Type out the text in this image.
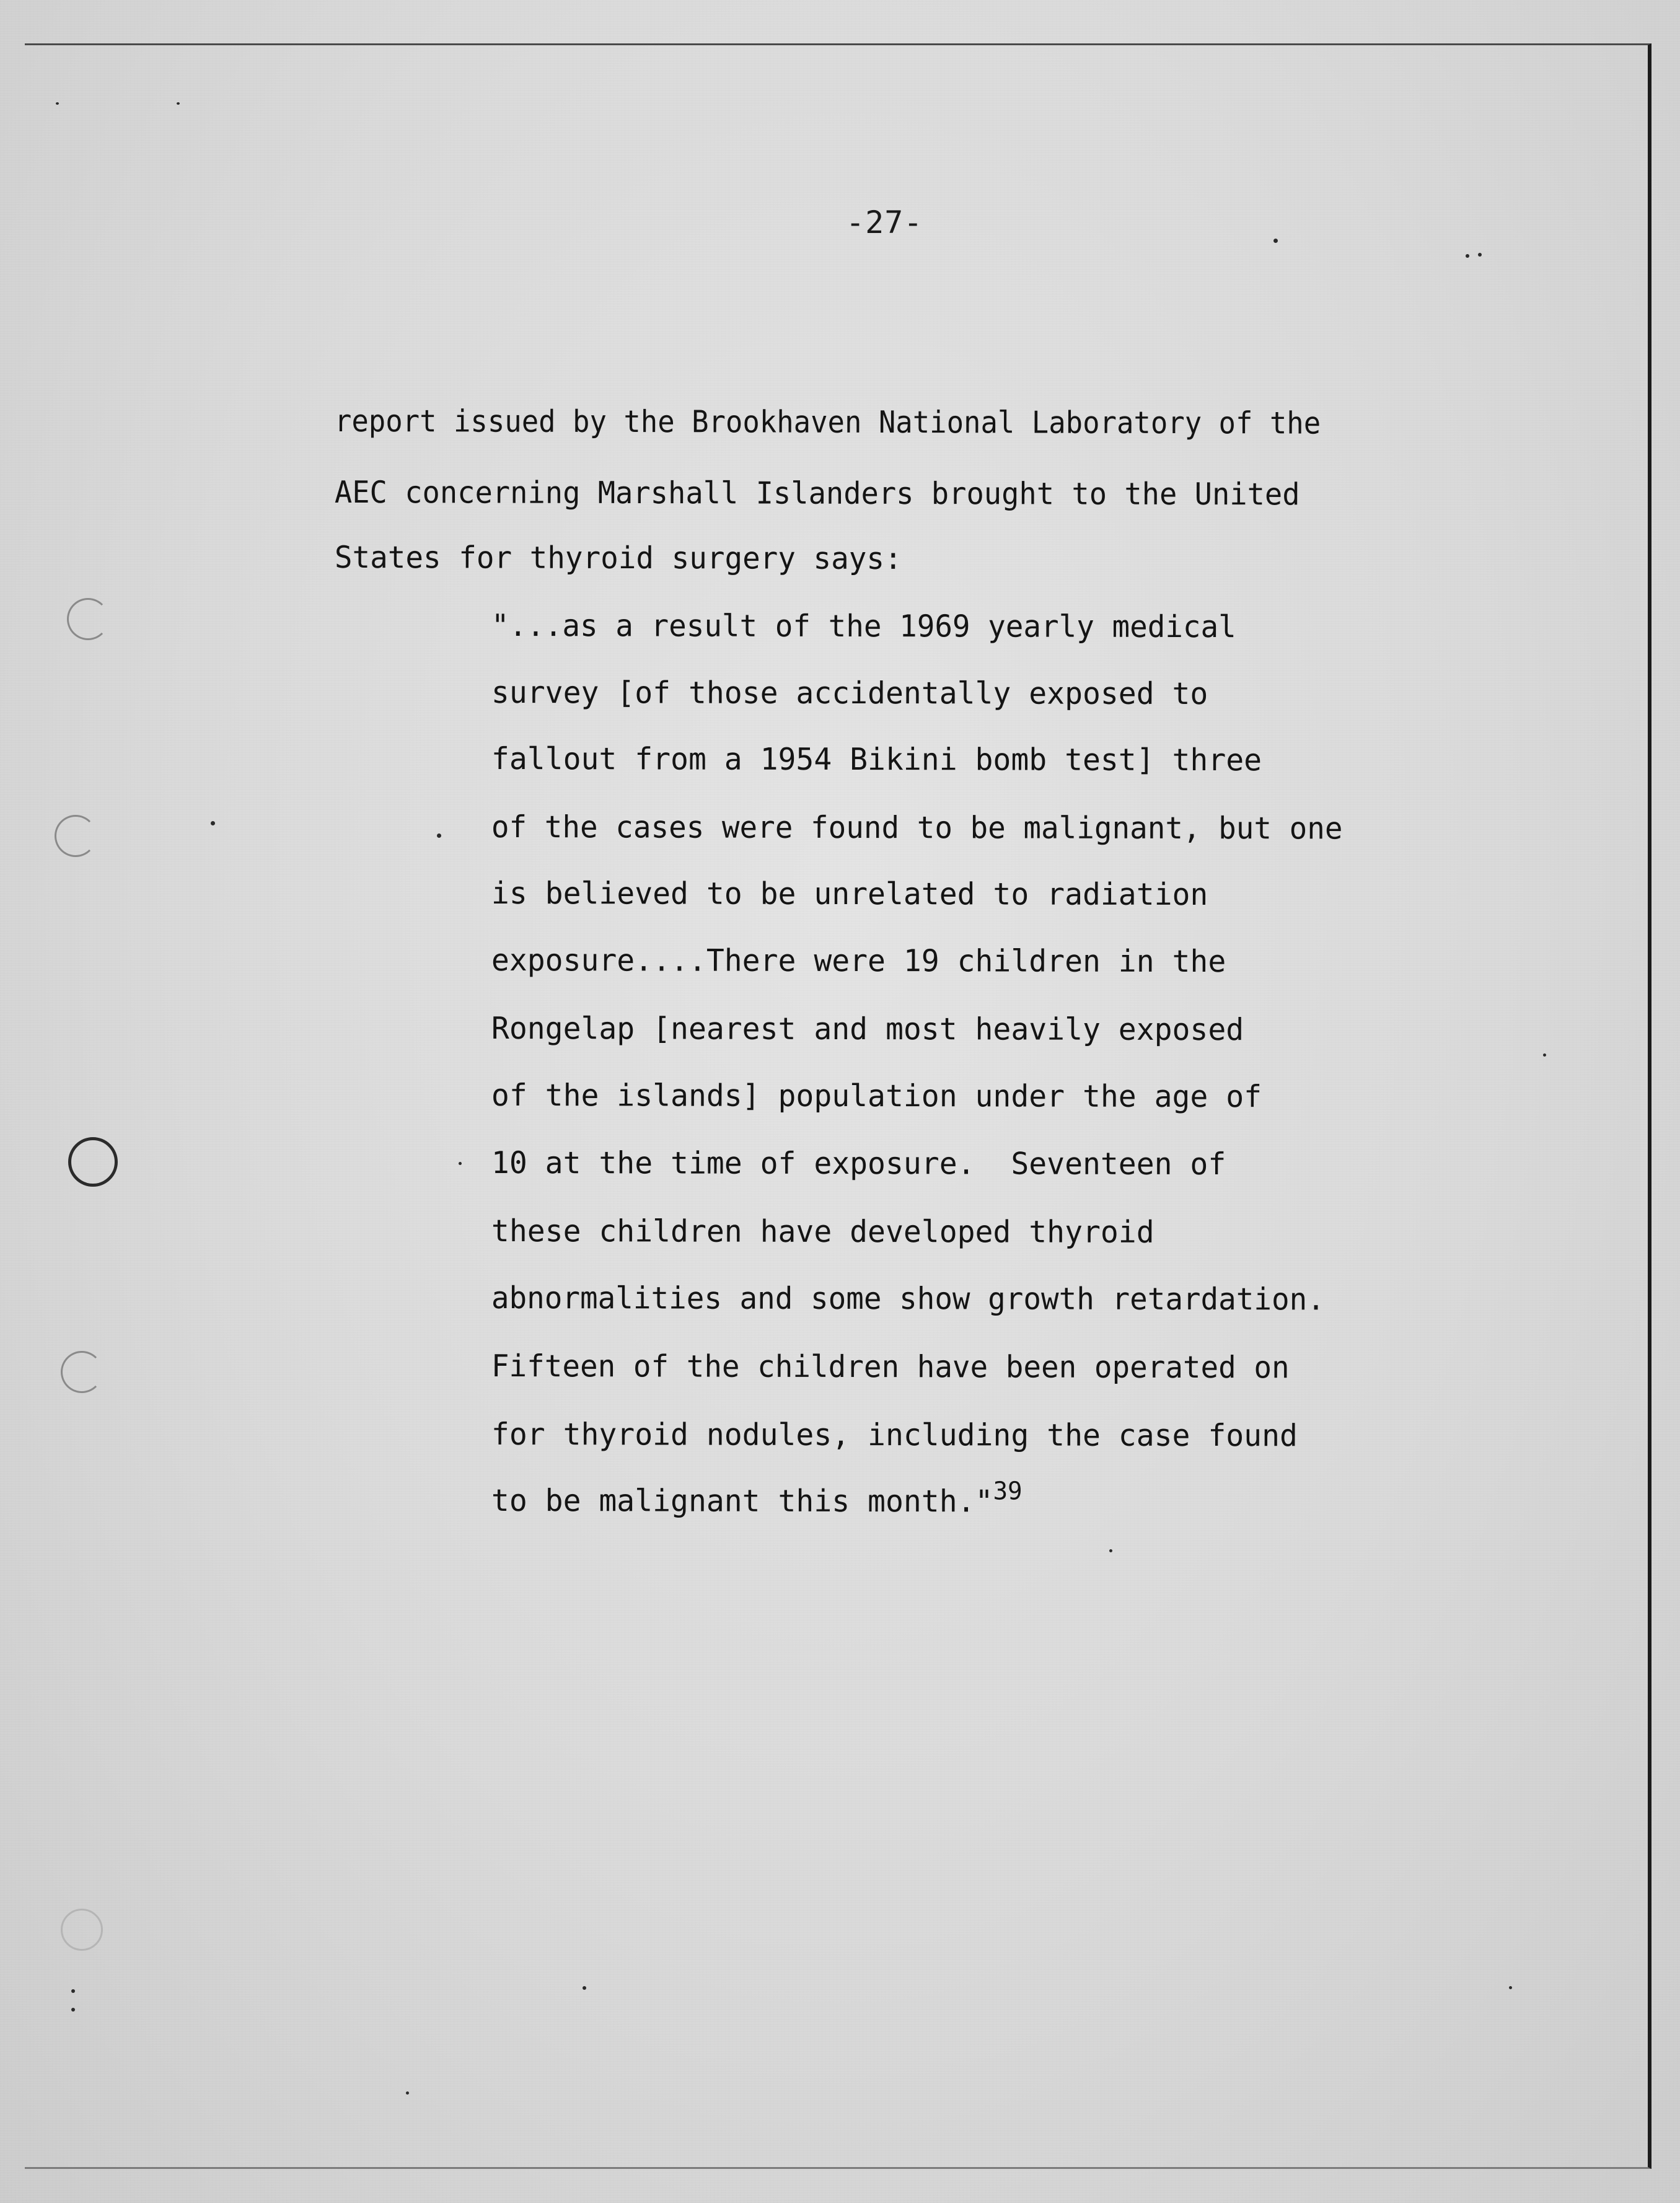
-27-
report issued by the Brookhaven National Laboratory of the
AEC concerning Marshall Islanders brought to the United
States for thyroid surgery says:
"...as a result of the 1969 yearly medical
survey [of those accidentally exposed to
fallout from a 1954 Bikini bomb test] three
of the cases were found to be malignant, but one
is believed to be unrelated to radiation
exposure....There were 19 children in the
Rongelap [nearest and most heavily exposed
of the islands] population under the age of
10 at the time of exposure.  Seventeen of
these children have developed thyroid
abnormalities and some show growth retardation.
Fifteen of the children have been operated on
for thyroid nodules, including the case found
to be malignant this month."$^{39}$
